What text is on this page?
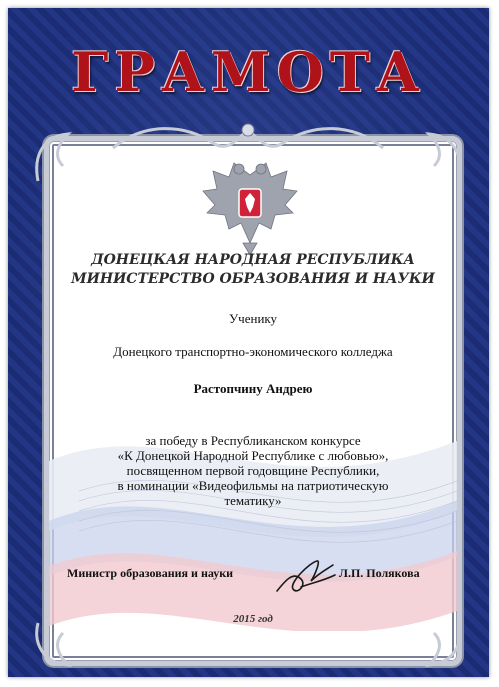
ГРАМОТА
ДОНЕЦКАЯ НАРОДНАЯ РЕСПУБЛИКА
МИНИСТЕРСТВО ОБРАЗОВАНИЯ И НАУКИ
Ученику
Донецкого транспортно-экономического колледжа
Растопчину Андрею
за победу в Республиканском конкурсе
«К Донецкой Народной Республике с любовью»,
посвященном первой годовщине Республики,
в номинации «Видеофильмы на патриотическую
тематику»
Министр образования и науки	Л.П. Полякова
2015 год
